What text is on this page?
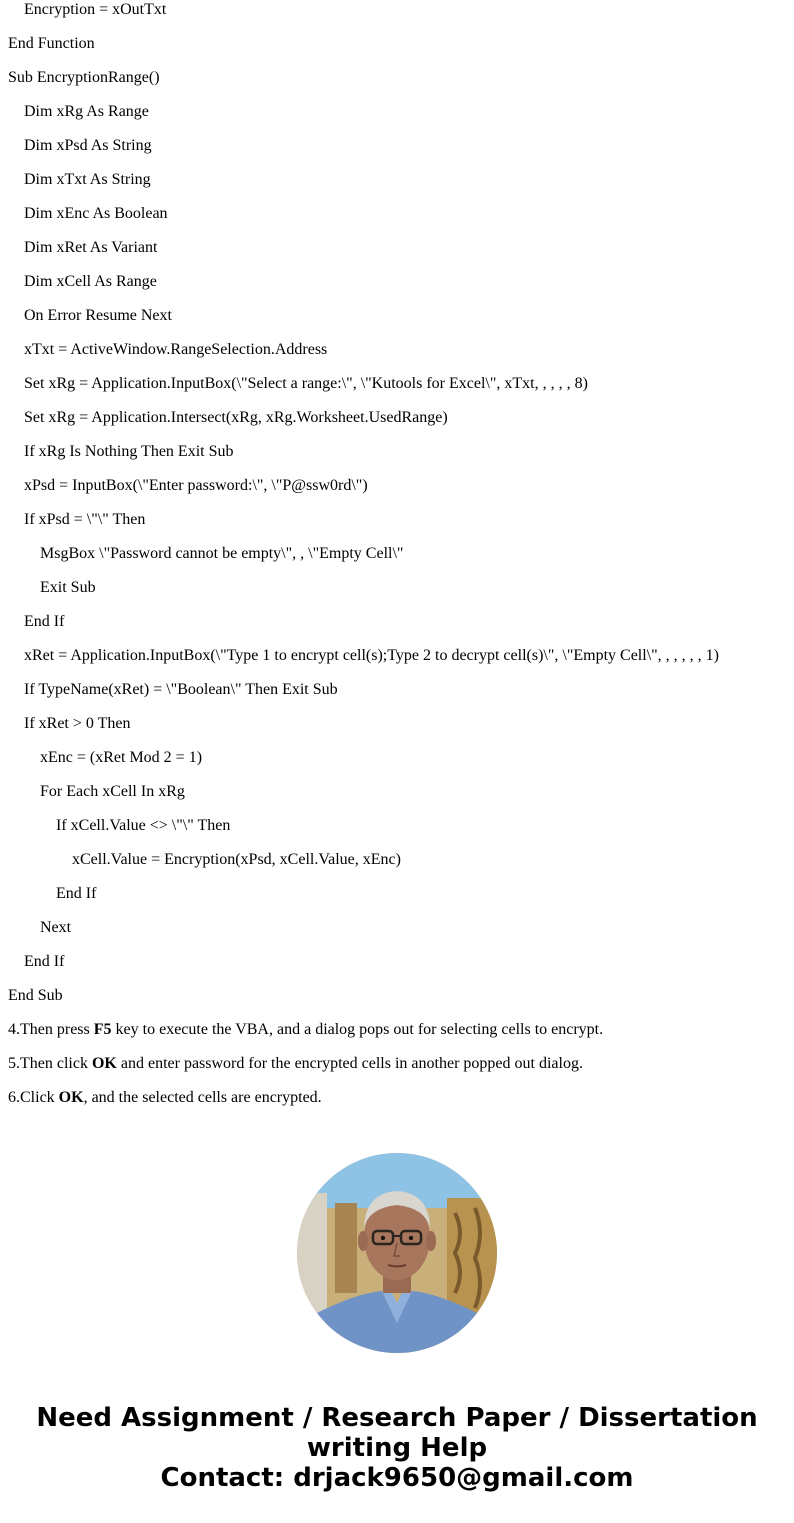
Encryption = xOutTxt
End Function
Sub EncryptionRange()
Dim xRg As Range
Dim xPsd As String
Dim xTxt As String
Dim xEnc As Boolean
Dim xRet As Variant
Dim xCell As Range
On Error Resume Next
xTxt = ActiveWindow.RangeSelection.Address
Set xRg = Application.InputBox(\"Select a range:\", \"Kutools for Excel\", xTxt, , , , , 8)
Set xRg = Application.Intersect(xRg, xRg.Worksheet.UsedRange)
If xRg Is Nothing Then Exit Sub
xPsd = InputBox(\"Enter password:\", \"P@ssw0rd\")
If xPsd = \"\" Then
MsgBox \"Password cannot be empty\", , \"Empty Cell\"
Exit Sub
End If
xRet = Application.InputBox(\"Type 1 to encrypt cell(s);Type 2 to decrypt cell(s)\", \"Empty Cell\", , , , , , 1)
If TypeName(xRet) = \"Boolean\" Then Exit Sub
If xRet > 0 Then
xEnc = (xRet Mod 2 = 1)
For Each xCell In xRg
If xCell.Value <> \"\" Then
xCell.Value = Encryption(xPsd, xCell.Value, xEnc)
End If
Next
End If
End Sub
4.Then press F5 key to execute the VBA, and a dialog pops out for selecting cells to encrypt.
5.Then click OK and enter password for the encrypted cells in another popped out dialog.
6.Click OK, and the selected cells are encrypted.
Need Assignment / Research Paper / Dissertation
writing Help
Contact: drjack9650@gmail.com
